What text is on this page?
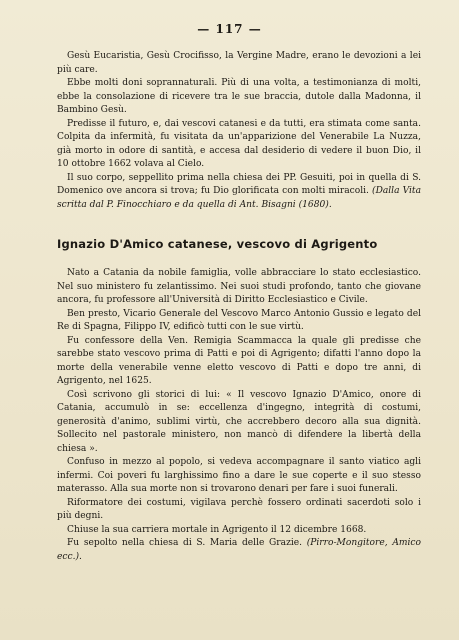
— 117 —

Gesù Eucaristia, Gesù Crocifisso, la Vergine Madre, erano le devozioni a lei più care.

Ebbe molti doni soprannaturali. Più di una volta, a testimonianza di molti, ebbe la consolazione di ricevere tra le sue braccia, dutole dalla Madonna, il Bambino Gesù.

Predisse il futuro, e, dai vescovi catanesi e da tutti, era stimata come santa. Colpita da infermità, fu visitata da un'apparizione del Venerabile La Nuzza, già morto in odore di santità, e accesa dal desiderio di vedere il buon Dio, il 10 ottobre 1662 volava al Cielo.

Il suo corpo, seppellito prima nella chiesa dei PP. Gesuiti, poi in quella di S. Domenico ove ancora si trova; fu Dio glorificata con molti miracoli. (Dalla Vita scritta dal P. Finocchiaro e da quella di Ant. Bisagni (1680).

Ignazio D'Amico catanese, vescovo di Agrigento

Nato a Catania da nobile famiglia, volle abbracciare lo stato ecclesiastico. Nel suo ministero fu zelantissimo. Nei suoi studi profondo, tanto che giovane ancora, fu professore all'Università di Diritto Ecclesiastico e Civile.

Ben presto, Vicario Generale del Vescovo Marco Antonio Gussio e legato del Re di Spagna, Filippo IV, edificò tutti con le sue virtù.

Fu confessore della Ven. Remigia Scammacca la quale gli predisse che sarebbe stato vescovo prima di Patti e poi di Agrigento; difatti l'anno dopo la morte della venerabile venne eletto vescovo di Patti e dopo tre anni, di Agrigento, nel 1625.

Così scrivono gli storici di lui: « Il vescovo Ignazio D'Amico, onore di Catania, accumulò in se: eccellenza d'ingegno, integrità di costumi, generosità d'animo, sublimi virtù, che accrebbero decoro alla sua dignità. Sollecito nel pastorale ministero, non mancò di difendere la libertà della chiesa ».

Confuso in mezzo al popolo, si vedeva accompagnare il santo viatico agli infermi. Coi poveri fu larghissimo fino a dare le sue coperte e il suo stesso materasso. Alla sua morte non si trovarono denari per fare i suoi funerali.

Riformatore dei costumi, vigilava perchè fossero ordinati sacerdoti solo i più degni.

Chiuse la sua carriera mortale in Agrigento il 12 dicembre 1668.

Fu sepolto nella chiesa di S. Maria delle Grazie. (Pirro-Mongitore, Amico ecc.).
